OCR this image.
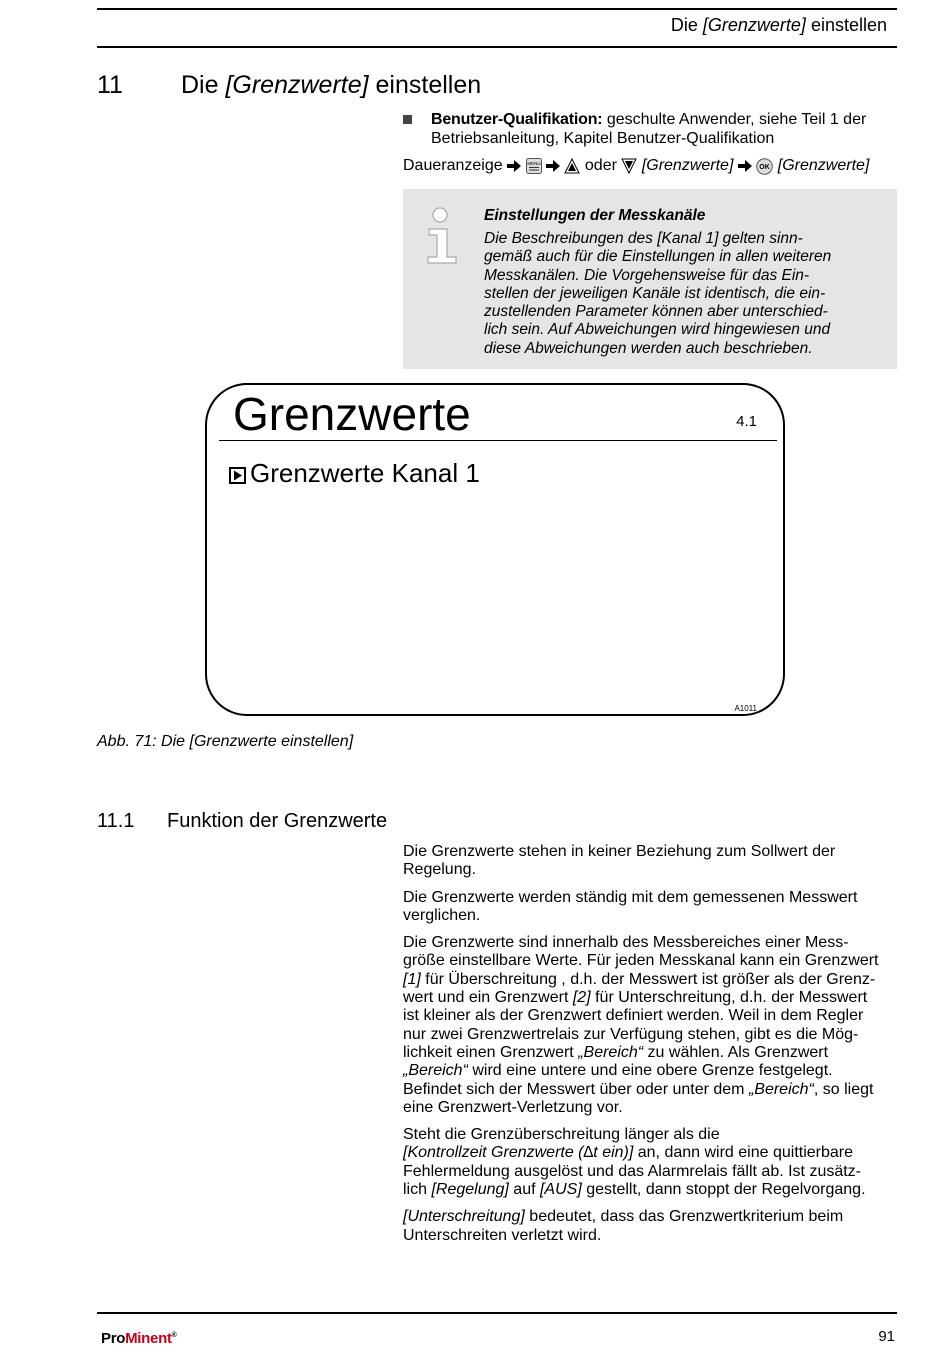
Die [Grenzwerte] einstellen
11 Die [Grenzwerte] einstellen
Benutzer-Qualifikation: geschulte Anwender, siehe Teil 1 der Betriebsanleitung, Kapitel Benutzer-Qualifikation
Daueranzeige	MENU	oder  [Grenzwerte]	OK [Grenzwerte]
Einstellungen der Messkanäle
Die Beschreibungen des [Kanal 1] gelten sinn-
gemäß auch für die Einstellungen in allen weiteren
Messkanälen. Die Vorgehensweise für das Ein-
stellen der jeweiligen Kanäle ist identisch, die ein-
zustellenden Parameter können aber unterschied-
lich sein. Auf Abweichungen wird hingewiesen und
diese Abweichungen werden auch beschrieben.
Grenzwerte	4.1
Grenzwerte Kanal 1
A1011
Abb. 71: Die [Grenzwerte einstellen]
11.1 Funktion der Grenzwerte

Die Grenzwerte stehen in keiner Beziehung zum Sollwert der
Regelung.

Die Grenzwerte werden ständig mit dem gemessenen Messwert
verglichen.

Die Grenzwerte sind innerhalb des Messbereiches einer Mess-
größe einstellbare Werte. Für jeden Messkanal kann ein Grenzwert
[1] für Überschreitung , d.h. der Messwert ist größer als der Grenz-
wert und ein Grenzwert [2] für Unterschreitung, d.h. der Messwert
ist kleiner als der Grenzwert definiert werden. Weil in dem Regler
nur zwei Grenzwertrelais zur Verfügung stehen, gibt es die Mög-
lichkeit einen Grenzwert „Bereich“ zu wählen. Als Grenzwert
„Bereich“ wird eine untere und eine obere Grenze festgelegt.
Befindet sich der Messwert über oder unter dem „Bereich“, so liegt
eine Grenzwert-Verletzung vor.

Steht die Grenzüberschreitung länger als die
[Kontrollzeit Grenzwerte (∆t ein)] an, dann wird eine quittierbare
Fehlermeldung ausgelöst und das Alarmrelais fällt ab. Ist zusätz-
lich [Regelung] auf [AUS] gestellt, dann stoppt der Regelvorgang.

[Unterschreitung] bedeutet, dass das Grenzwertkriterium beim
Unterschreiten verletzt wird.

ProMinent®	91
